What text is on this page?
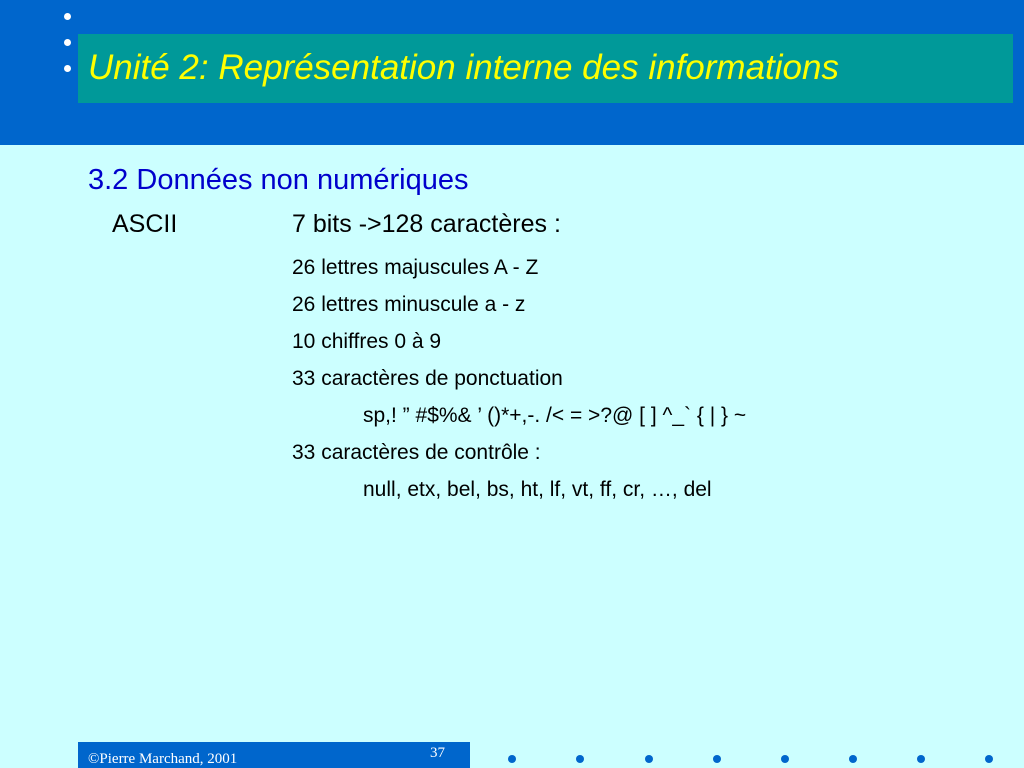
Unité 2: Représentation interne des informations
3.2 Données non numériques
ASCII	7 bits ->128 caractères :
26 lettres majuscules A - Z
26 lettres minuscule a - z
10 chiffres 0 à 9
33 caractères de ponctuation
sp,! ” #$%& ’ ()*+,-. /< = >?@ [ ] ^_` { | } ~
33 caractères de contrôle :
null, etx, bel, bs, ht, lf, vt, ff, cr, …, del
©Pierre Marchand, 2001	37
